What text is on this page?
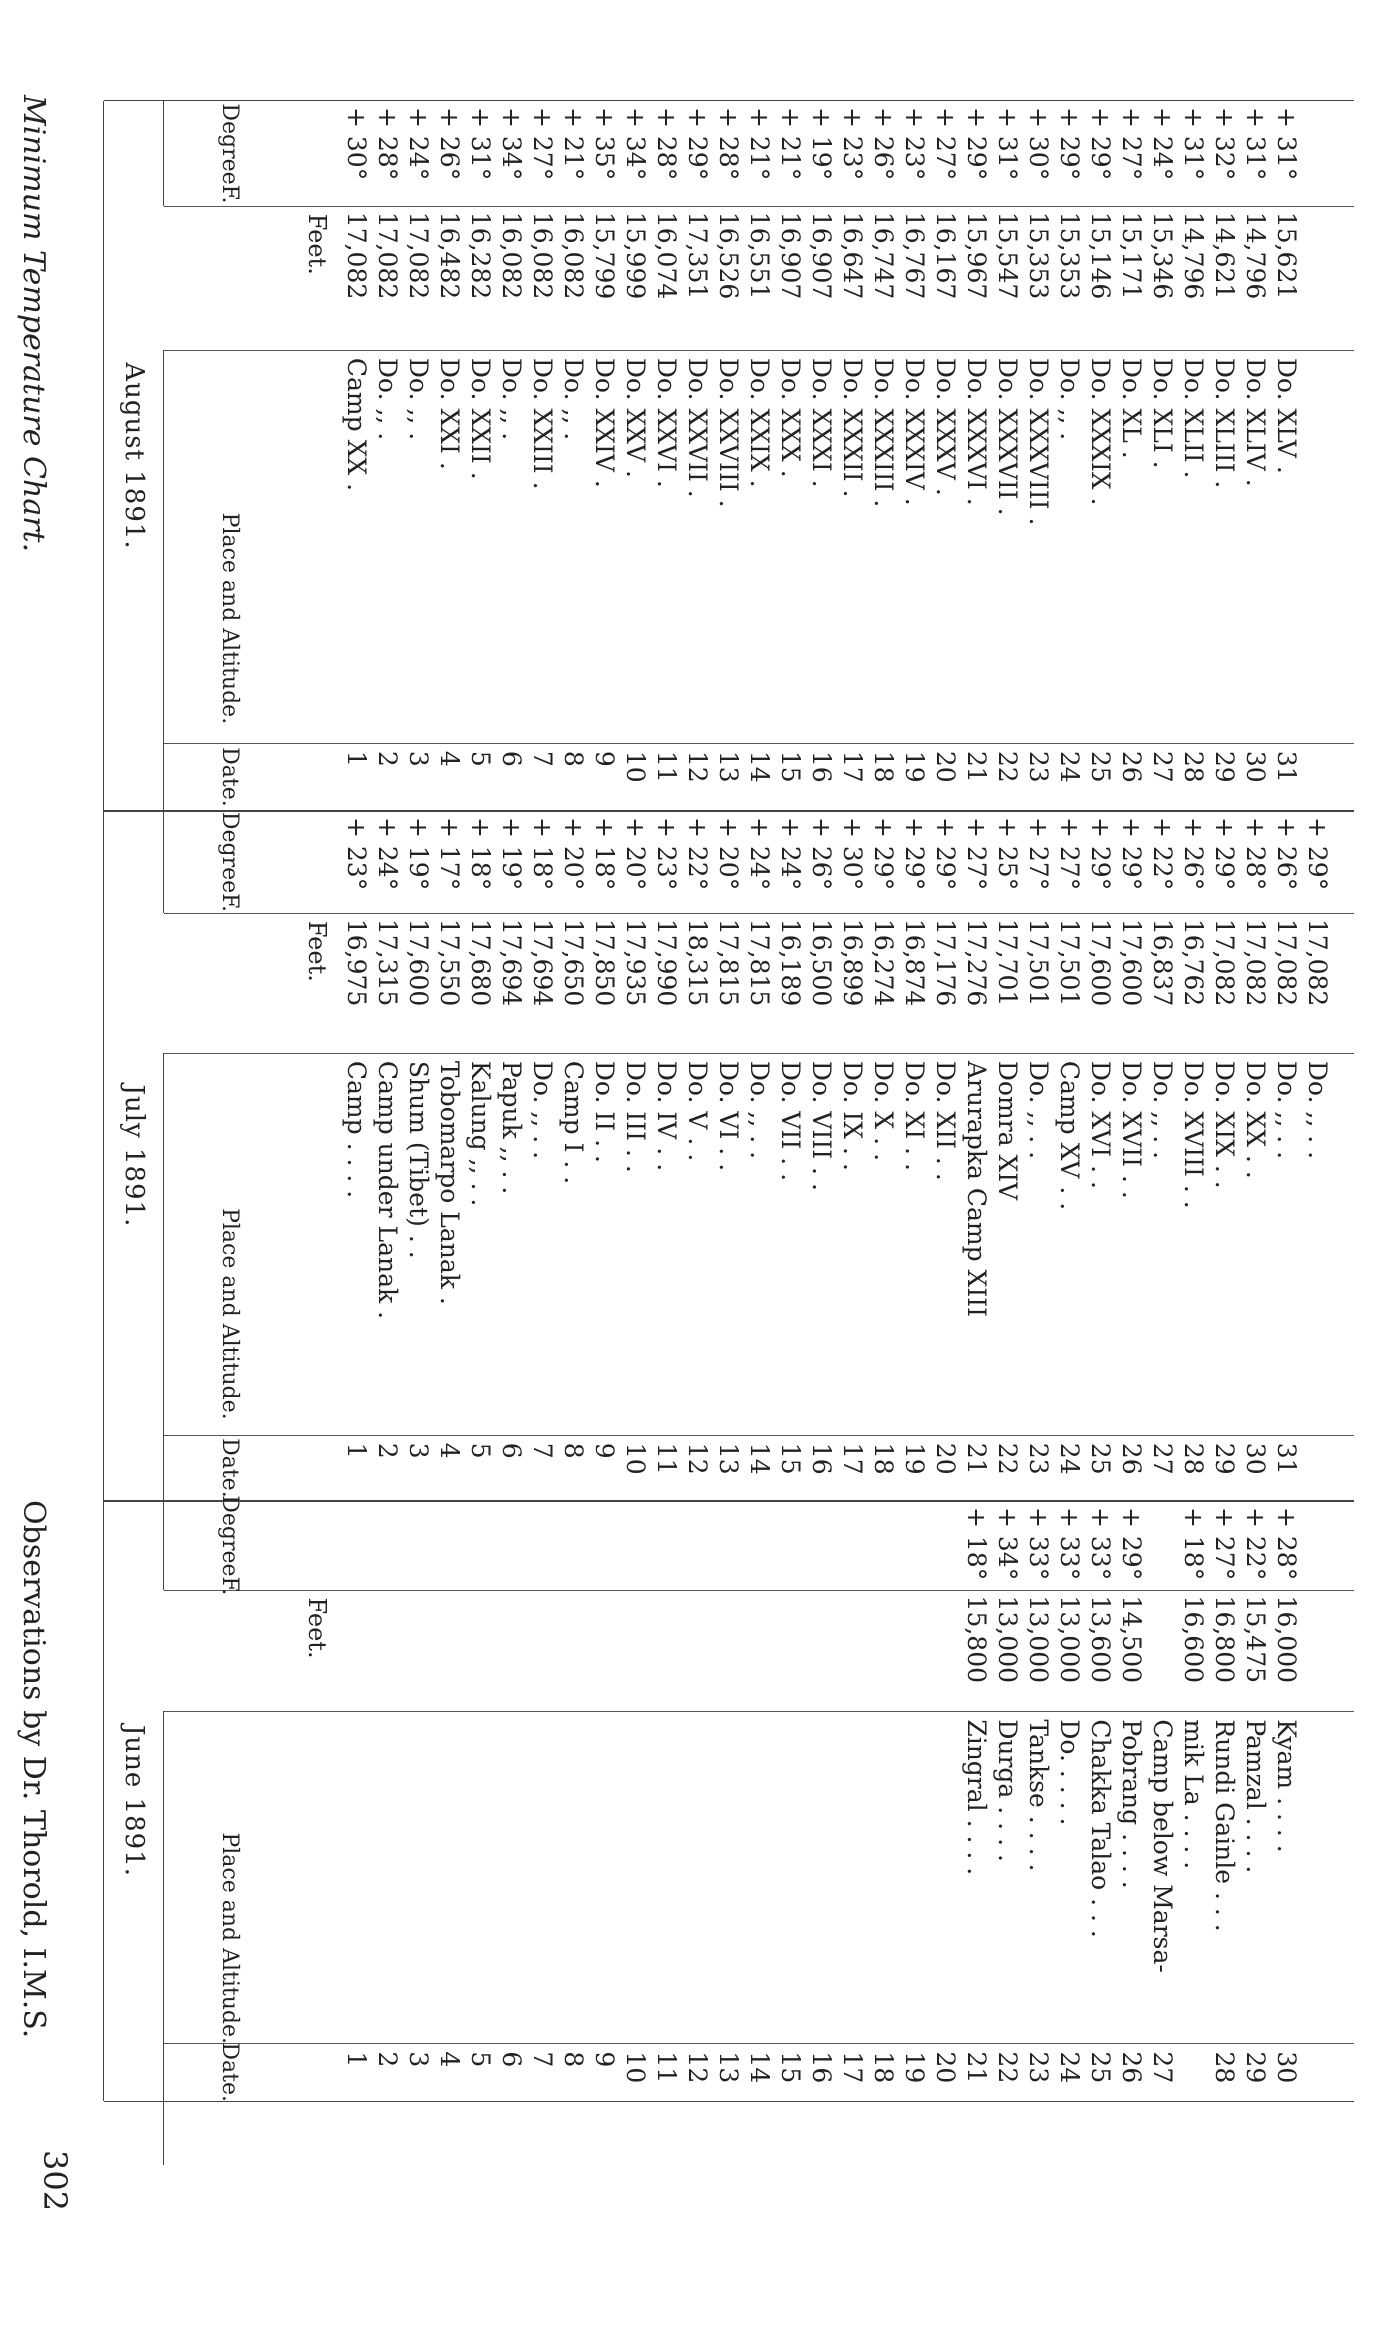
Minimum Temperature Chart.
Observations by Dr. Thorold, I.M.S.
302
June 1891.
Date.
Place and Altitude.
Degree

F.
Feet.
1 2 3 4 5 6 7 8 9 10 11 12 13 14 15 16 17 18 19 20 21
Zingral . . . .
15,800
+ 18°
22
Durga . . . .
13,000
+ 34°
23
Tankse . . . .
13,000
+ 33°
24
Do. . . . .
13,000
+ 33°
25
Chakka Talao . . .
13,600
+ 33°
26
Pobrang . . . .
14,500
+ 29°
27
Camp below Marsa- mik La . . . .
16,600
+ 18°
28
Rundi Gainle . . .
16,800
+ 27°
29
Pamzal . . . .
15,475
+ 22°
30
Kyam . . . .
16,000
+ 28°
July 1891.
Date.
Place and Altitude.
Degree

F.
Feet.
1
Camp . . . .
16,975
+ 23°
2
Camp under Lanak .
17,315
+ 24°
3
Shum (Tibet) . .
17,600
+ 19°
4
Tobomarpo Lanak .
17,550
+ 17°
5
Kalung ,, . .
17,680
+ 18°
6
Papuk ,, . .
17,694
+ 19°
7
Do. ,, . .
17,694
+ 18°
8
Camp I . .
17,650
+ 20°
9
Do. II . .
17,850
+ 18°
10
Do. III . .
17,935
+ 20°
11
Do. IV . .
17,990
+ 23°
12
Do. V . .
18,315
+ 22°
13
Do. VI . .
17,815
+ 20°
14
Do. ,, . .
17,815
+ 24°
15
Do. VII . .
16,189
+ 24°
16
Do. VIII . .
16,500
+ 26°
17
Do. IX . .
16,899
+ 30°
18
Do. X . .
16,274
+ 29°
19
Do. XI . .
16,874
+ 29°
20
Do. XII . .
17,176
+ 29°
21
Arurapka Camp XIII
17,276
+ 27°
22
Domra XIV
17,701
+ 25°
23
Do. ,, . .
17,501
+ 27°
24
Camp XV . .
17,501
+ 27°
25
Do. XVI . .
17,600
+ 29°
26
Do. XVII . .
17,600
+ 29°
27
Do. ,, . .
16,837
+ 22°
28
Do. XVIII . .
16,762
+ 26°
29
Do. XIX . .
17,082
+ 29°
30
Do. XX . .
17,082
+ 28°
31
Do. ,, . .
17,082
+ 26°
Do. ,, . .
17,082
+ 29°
August 1891.
Date.
Place and Altitude.
Degree

F.
Feet.
1
Camp XX .
17,082
+ 30°
2
Do. ,, .
17,082
+ 28°
3
Do. ,, .
17,082
+ 24°
4
Do. XXI .
16,482
+ 26°
5
Do. XXII .
16,282
+ 31°
6
Do. ,, .
16,082
+ 34°
7
Do. XXIII .
16,082
+ 27°
8
Do. ,, .
16,082
+ 21°
9
Do. XXIV .
15,799
+ 35°
10
Do. XXV .
15,999
+ 34°
11
Do. XXVI .
16,074
+ 28°
12
Do. XXVII .
17,351
+ 29°
13
Do. XXVIII .
16,526
+ 28°
14
Do. XXIX .
16,551
+ 21°
15
Do. XXX .
16,907
+ 21°
16
Do. XXXI .
16,907
+ 19°
17
Do. XXXII .
16,647
+ 23°
18
Do. XXXIII .
16,747
+ 26°
19
Do. XXXIV .
16,767
+ 23°
20
Do. XXXV .
16,167
+ 27°
21
Do. XXXVI .
15,967
+ 29°
22
Do. XXXVII .
15,547
+ 31°
23
Do. XXXVIII .
15,353
+ 30°
24
Do. ,, .
15,353
+ 29°
25
Do. XXXIX .
15,146
+ 29°
26
Do. XL .
15,171
+ 27°
27
Do. XLI .
15,346
+ 24°
28
Do. XLII .
14,796
+ 31°
29
Do. XLIII .
14,621
+ 32°
30
Do. XLIV .
14,796
+ 31°
31
Do. XLV .
15,621
+ 31°
